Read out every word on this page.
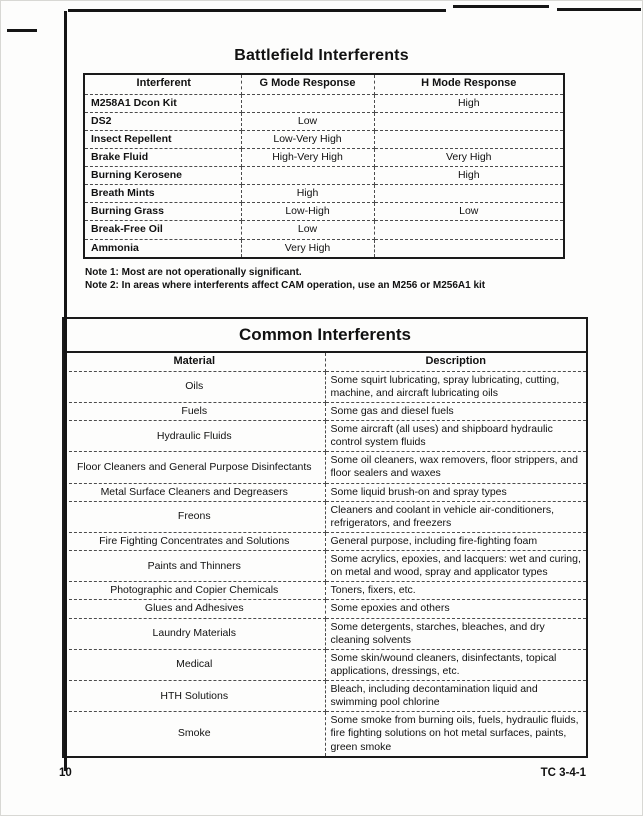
Battlefield Interferents
Interferent	G Mode Response	H Mode Response
M258A1 Dcon Kit		High
DS2	Low	
Insect Repellent	Low-Very High	
Brake Fluid	High-Very High	Very High
Burning Kerosene		High
Breath Mints	High	
Burning Grass	Low-High	Low
Break-Free Oil	Low	
Ammonia	Very High	

Note 1: Most are not operationally significant.

Note 2: In areas where interferents affect CAM operation, use an M256 or M256A1 kit

Common Interferents	
Material	Description
Oils	Some squirt lubricating, spray lubricating, cutting, machine, and aircraft lubricating oils
Fuels	Some gas and diesel fuels
Hydraulic Fluids	Some aircraft (all uses) and shipboard hydraulic control system fluids
Floor Cleaners and General Purpose Disinfectants	Some oil cleaners, wax removers, floor strippers, and floor sealers and waxes
Metal Surface Cleaners and Degreasers	Some liquid brush-on and spray types
Freons	Cleaners and coolant in vehicle air-conditioners, refrigerators, and freezers
Fire Fighting Concentrates and Solutions	General purpose, including fire-fighting foam
Paints and Thinners	Some acrylics, epoxies, and lacquers: wet and curing, on metal and wood, spray and applicator types
Photographic and Copier Chemicals	Toners, fixers, etc.
Glues and Adhesives	Some epoxies and others
Laundry Materials	Some detergents, starches, bleaches, and dry cleaning solvents
Medical	Some skin/wound cleaners, disinfectants, topical applications, dressings, etc.
HTH Solutions	Bleach, including decontamination liquid and swimming pool chlorine
Smoke	Some smoke from burning oils, fuels, hydraulic fluids, fire fighting solutions on hot metal surfaces, paints, green smoke
10	TC 3-4-1
